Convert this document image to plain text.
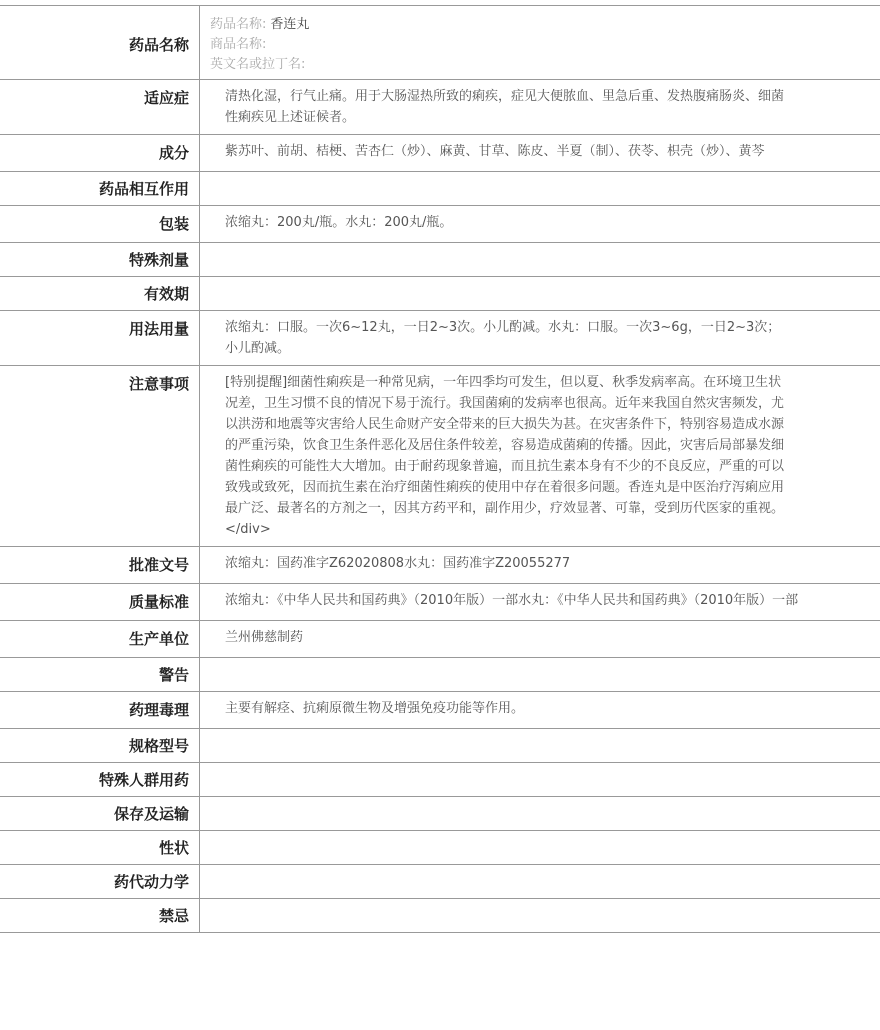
药品名称	药品名称: 香连丸
商品名称:
英文名或拉丁名:

适应症	清热化湿，行气止痛。用于大肠湿热所致的痢疾，症见大便脓血、里急后重、发热腹痛肠炎、细菌性痢疾见上述证候者。

成分	紫苏叶、前胡、桔梗、苦杏仁（炒）、麻黄、甘草、陈皮、半夏（制）、茯苓、枳壳（炒）、黄芩

药品相互作用	

包装	浓缩丸：200丸/瓶。水丸：200丸/瓶。

特殊剂量	

有效期	

用法用量	浓缩丸：口服。一次6~12丸，一日2~3次。小儿酌减。水丸：口服。一次3~6g，一日2~3次；小儿酌减。

注意事项	[特别提醒]细菌性痢疾是一种常见病，一年四季均可发生，但以夏、秋季发病率高。在环境卫生状况差，卫生习惯不良的情况下易于流行。我国菌痢的发病率也很高。近年来我国自然灾害频发，尤以洪涝和地震等灾害给人民生命财产安全带来的巨大损失为甚。在灾害条件下，特别容易造成水源的严重污染，饮食卫生条件恶化及居住条件较差，容易造成菌痢的传播。因此，灾害后局部暴发细菌性痢疾的可能性大大增加。由于耐药现象普遍，而且抗生素本身有不少的不良反应，严重的可以致残或致死，因而抗生素在治疗细菌性痢疾的使用中存在着很多问题。香连丸是中医治疗泻痢应用最广泛、最著名的方剂之一，因其方药平和，副作用少，疗效显著、可靠，受到历代医家的重视。</div>

批准文号	浓缩丸：国药准字Z62020808水丸：国药准字Z20055277

质量标准	浓缩丸：《中华人民共和国药典》（2010年版）一部水丸：《中华人民共和国药典》（2010年版）一部

生产单位	兰州佛慈制药

警告	

药理毒理	主要有解痉、抗痢原微生物及增强免疫功能等作用。

规格型号	

特殊人群用药	

保存及运输	

性状	

药代动力学	

禁忌	
